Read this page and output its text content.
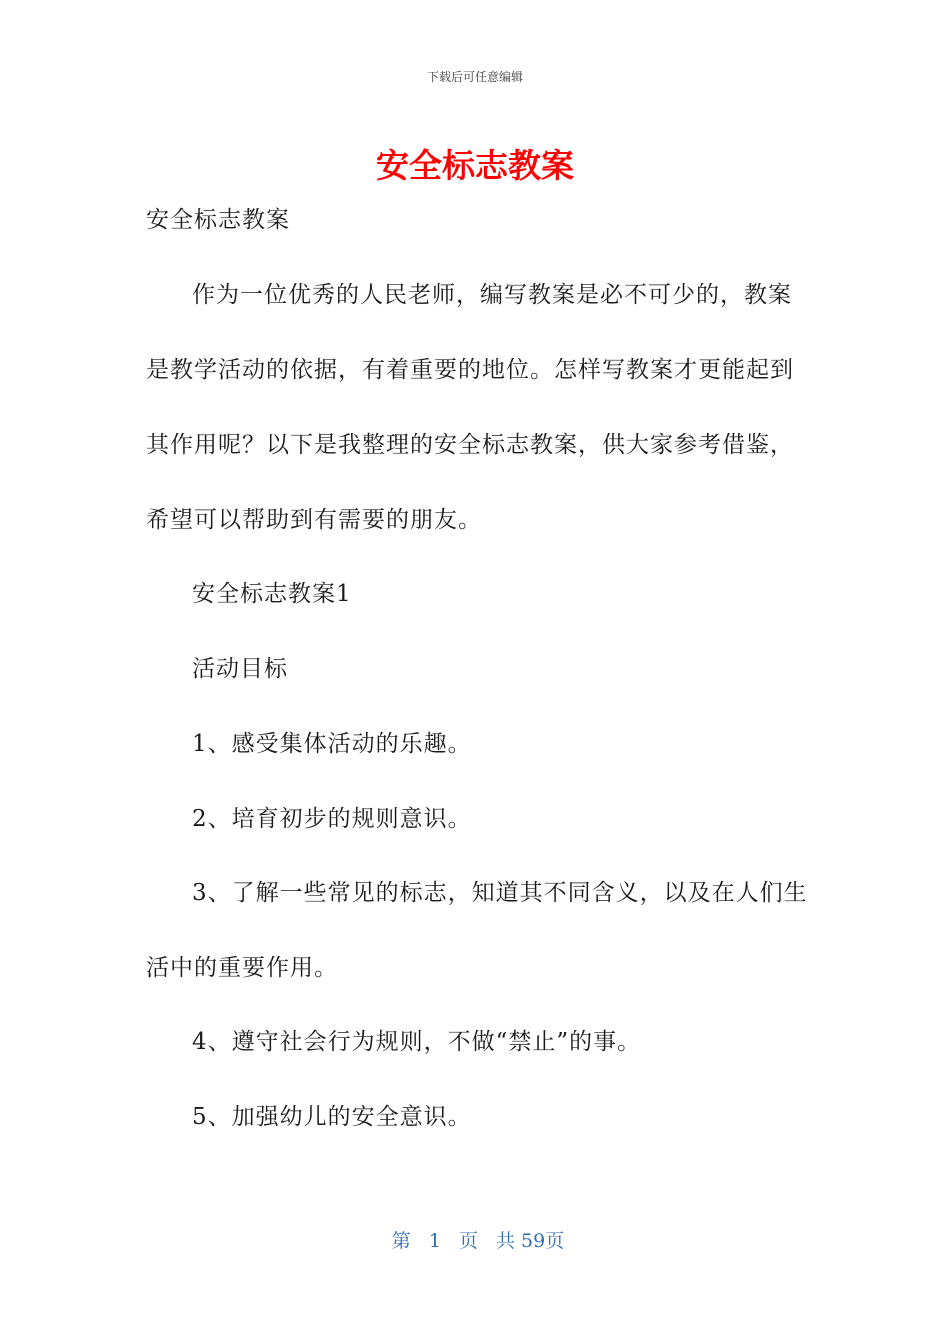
下载后可任意编辑
安全标志教案
安全标志教案
作为一位优秀的人民老师，编写教案是必不可少的，教案
是教学活动的依据，有着重要的地位。怎样写教案才更能起到
其作用呢？以下是我整理的安全标志教案，供大家参考借鉴，
希望可以帮助到有需要的朋友。
安全标志教案1
活动目标
1、感受集体活动的乐趣。
2、培育初步的规则意识。
3、了解一些常见的标志，知道其不同含义，以及在人们生
活中的重要作用。
4、遵守社会行为规则，不做“禁止”的事。
5、加强幼儿的安全意识。
第 1 页 共 59页
